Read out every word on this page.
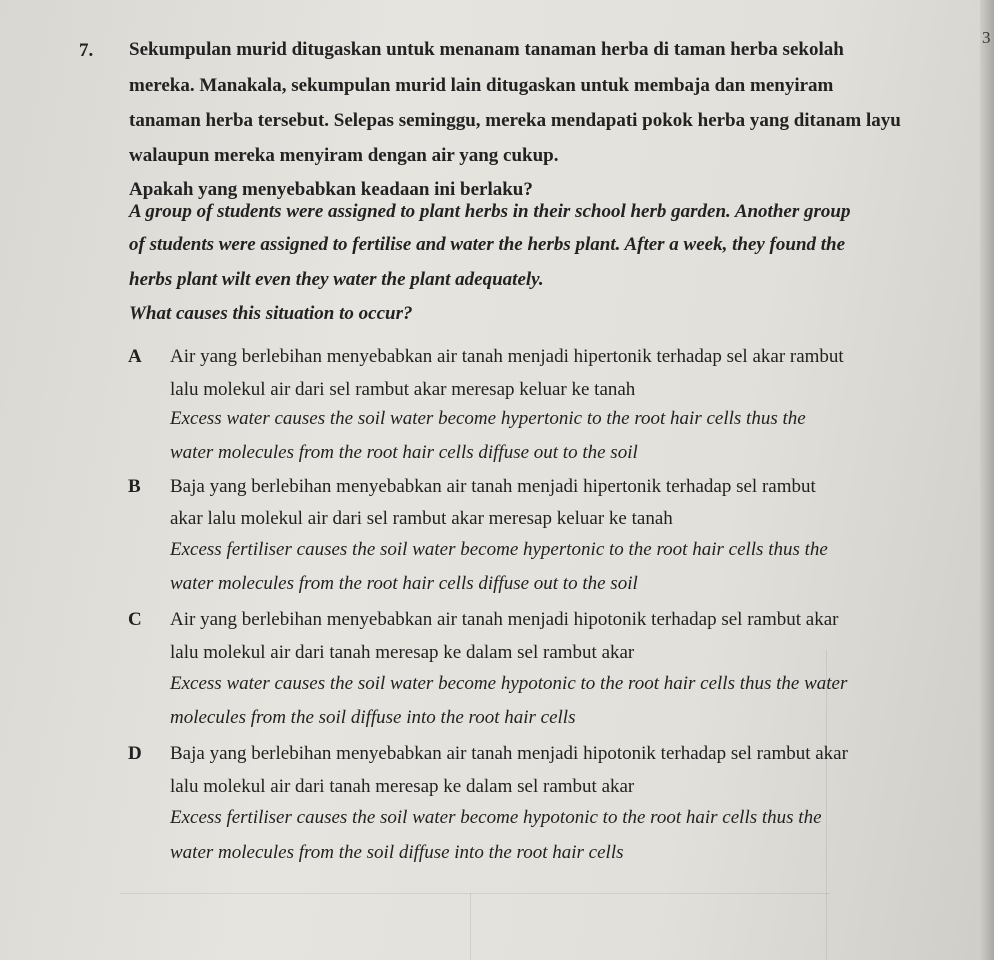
3
7. Sekumpulan murid ditugaskan untuk menanam tanaman herba di taman herba sekolah
mereka. Manakala, sekumpulan murid lain ditugaskan untuk membaja dan menyiram
tanaman herba tersebut. Selepas seminggu, mereka mendapati pokok herba yang ditanam layu
walaupun mereka menyiram dengan air yang cukup.
Apakah yang menyebabkan keadaan ini berlaku?
A group of students were assigned to plant herbs in their school herb garden. Another group
of students were assigned to fertilise and water the herbs plant. After a week, they found the
herbs plant wilt even they water the plant adequately.
What causes this situation to occur?
A Air yang berlebihan menyebabkan air tanah menjadi hipertonik terhadap sel akar rambut
lalu molekul air dari sel rambut akar meresap keluar ke tanah
Excess water causes the soil water become hypertonic to the root hair cells thus the
water molecules from the root hair cells diffuse out to the soil
B Baja yang berlebihan menyebabkan air tanah menjadi hipertonik terhadap sel rambut
akar lalu molekul air dari sel rambut akar meresap keluar ke tanah
Excess fertiliser causes the soil water become hypertonic to the root hair cells thus the
water molecules from the root hair cells diffuse out to the soil
C Air yang berlebihan menyebabkan air tanah menjadi hipotonik terhadap sel rambut akar
lalu molekul air dari tanah meresap ke dalam sel rambut akar
Excess water causes the soil water become hypotonic to the root hair cells thus the water
molecules from the soil diffuse into the root hair cells
D Baja yang berlebihan menyebabkan air tanah menjadi hipotonik terhadap sel rambut akar
lalu molekul air dari tanah meresap ke dalam sel rambut akar
Excess fertiliser causes the soil water become hypotonic to the root hair cells thus the
water molecules from the soil diffuse into the root hair cells
